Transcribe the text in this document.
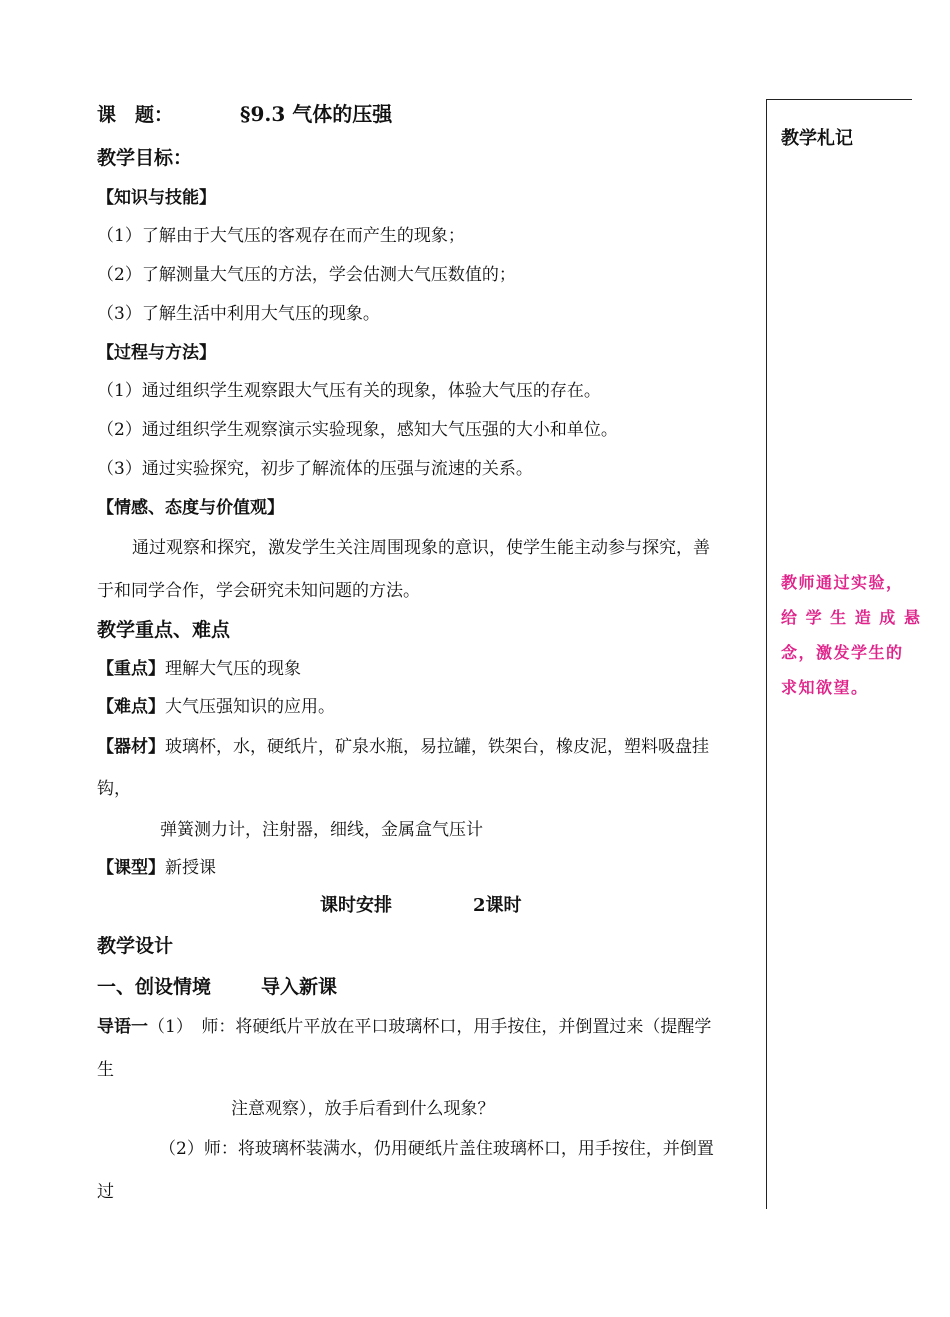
课　题：	§9.3 气体的压强
教学目标：
【知识与技能】
（1）了解由于大气压的客观存在而产生的现象；
（2）了解测量大气压的方法，学会估测大气压数值的；
（3）了解生活中利用大气压的现象。
【过程与方法】
（1）通过组织学生观察跟大气压有关的现象，体验大气压的存在。
（2）通过组织学生观察演示实验现象，感知大气压强的大小和单位。
（3）通过实验探究，初步了解流体的压强与流速的关系。
【情感、态度与价值观】
通过观察和探究，激发学生关注周围现象的意识，使学生能主动参与探究，善
于和同学合作，学会研究未知问题的方法。
教学重点、难点
【重点】理解大气压的现象
【难点】大气压强知识的应用。
【器材】玻璃杯，水，硬纸片，矿泉水瓶，易拉罐，铁架台，橡皮泥，塑料吸盘挂
钩，
弹簧测力计，注射器，细线，金属盒气压计
【课型】新授课
课时安排	2课时
教学设计
一、创设情境	导入新课
导语一（1）　师：将硬纸片平放在平口玻璃杯口，用手按住，并倒置过来（提醒学
生
注意观察），放手后看到什么现象？
（2）师：将玻璃杯装满水，仍用硬纸片盖住玻璃杯口，用手按住，并倒置
过
教学札记
教师通过实验，
给 学 生 造 成 悬
念，激发学生的
求知欲望。
